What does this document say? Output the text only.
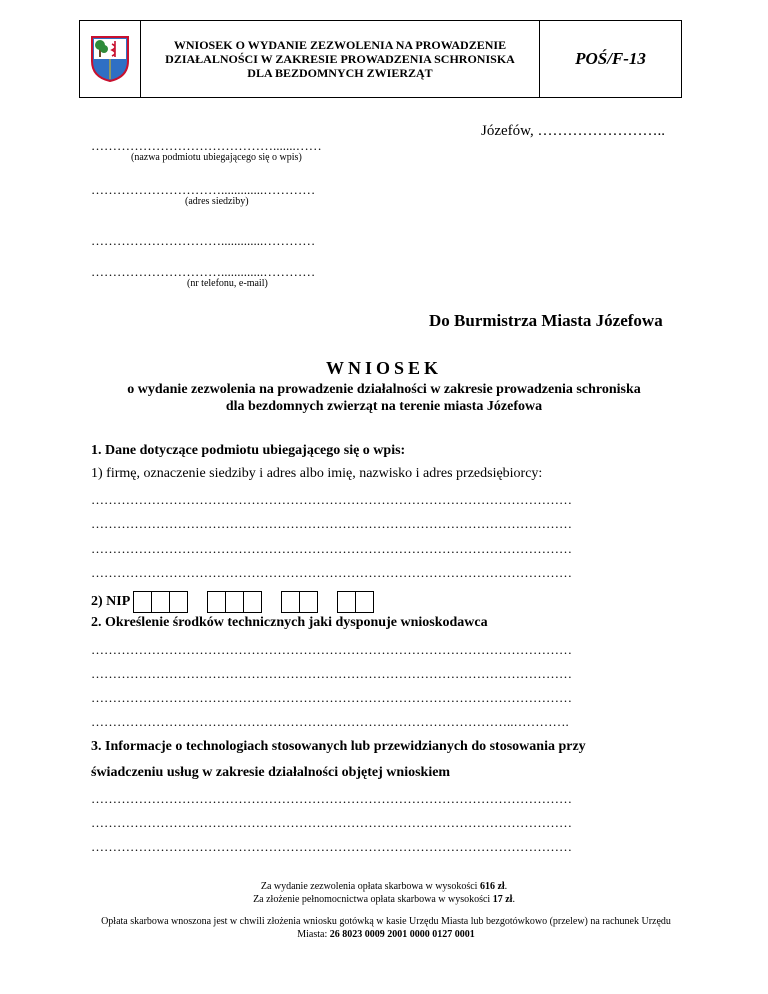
WNIOSEK O WYDANIE ZEZWOLENIA NA PROWADZENIE
DZIAŁALNOŚCI W ZAKRESIE PROWADZENIA SCHRONISKA
DLA BEZDOMNYCH ZWIERZĄT
POŚ/F-13
Józefów, ……………………..
…………………………………….......……
(nazwa podmiotu ubiegającego się o wpis)
………………………….............…………
(adres siedziby)
………………………….............…………
………………………….............…………
(nr telefonu, e-mail)
Do Burmistrza Miasta Józefowa
WNIOSEK
o wydanie zezwolenia na prowadzenie działalności w zakresie prowadzenia schroniska
dla bezdomnych zwierząt na terenie miasta Józefowa
1. Dane dotyczące podmiotu ubiegającego się o wpis:
1) firmę, oznaczenie siedziby i adres albo imię, nazwisko i adres przedsiębiorcy:
…………………………………………………………………………………………………
…………………………………………………………………………………………………
…………………………………………………………………………………………………
…………………………………………………………………………………………………
2) NIP
2. Określenie środków technicznych jaki dysponuje wnioskodawca
…………………………………………………………………………………………………
…………………………………………………………………………………………………
…………………………………………………………………………………………………
……………………………………………………………………………………..………….
3. Informacje o technologiach stosowanych lub przewidzianych do stosowania przy
świadczeniu usług w zakresie działalności objętej wnioskiem
…………………………………………………………………………………………………
…………………………………………………………………………………………………
…………………………………………………………………………………………………
Za wydanie zezwolenia opłata skarbowa w wysokości 616 zł.
Za złożenie pełnomocnictwa opłata skarbowa w wysokości 17 zł.
Opłata skarbowa wnoszona jest w chwili złożenia wniosku gotówką w kasie Urzędu Miasta lub bezgotówkowo (przelew) na rachunek Urzędu Miasta: 26 8023 0009 2001 0000 0127 0001
